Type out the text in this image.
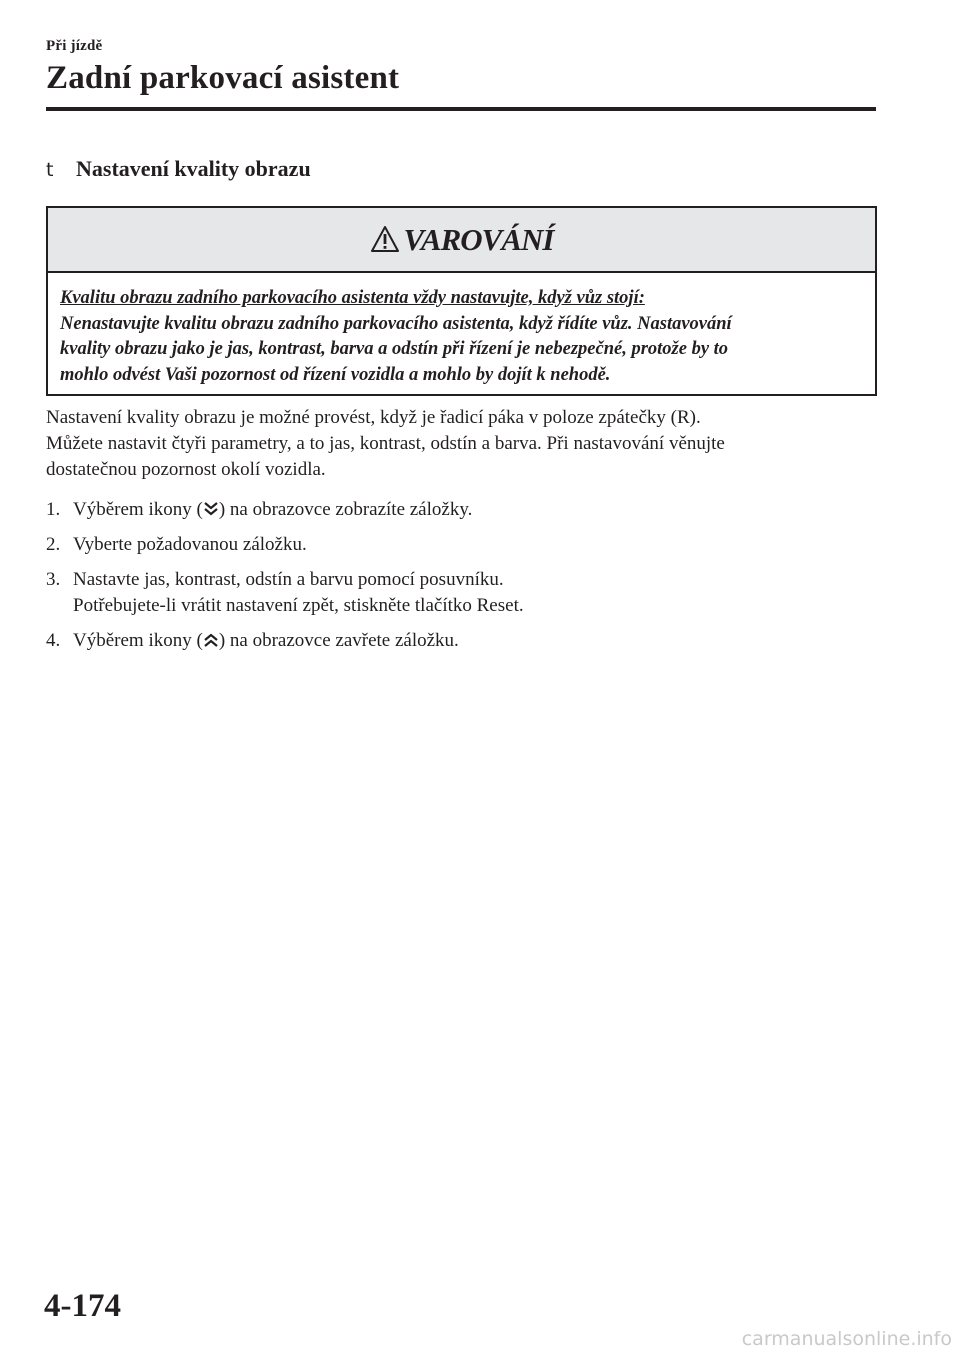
Při jízdě
Zadní parkovací asistent
t	Nastavení kvality obrazu
VAROVÁNÍ
Kvalitu obrazu zadního parkovacího asistenta vždy nastavujte, když vůz stojí:
Nenastavujte kvalitu obrazu zadního parkovacího asistenta, když řídíte vůz. Nastavování
kvality obrazu jako je jas, kontrast, barva a odstín při řízení je nebezpečné, protože by to
mohlo odvést Vaši pozornost od řízení vozidla a mohlo by dojít k nehodě.

Nastavení kvality obrazu je možné provést, když je řadicí páka v poloze zpátečky (R).
Můžete nastavit čtyři parametry, a to jas, kontrast, odstín a barva. Při nastavování věnujte
dostatečnou pozornost okolí vozidla.

1. Výběrem ikony ( ) na obrazovce zobrazíte záložky.
2. Vyberte požadovanou záložku.
3. Nastavte jas, kontrast, odstín a barvu pomocí posuvníku.
Potřebujete-li vrátit nastavení zpět, stiskněte tlačítko Reset.
4. Výběrem ikony ( ) na obrazovce zavřete záložku.
4-174
carmanualsonline.info
